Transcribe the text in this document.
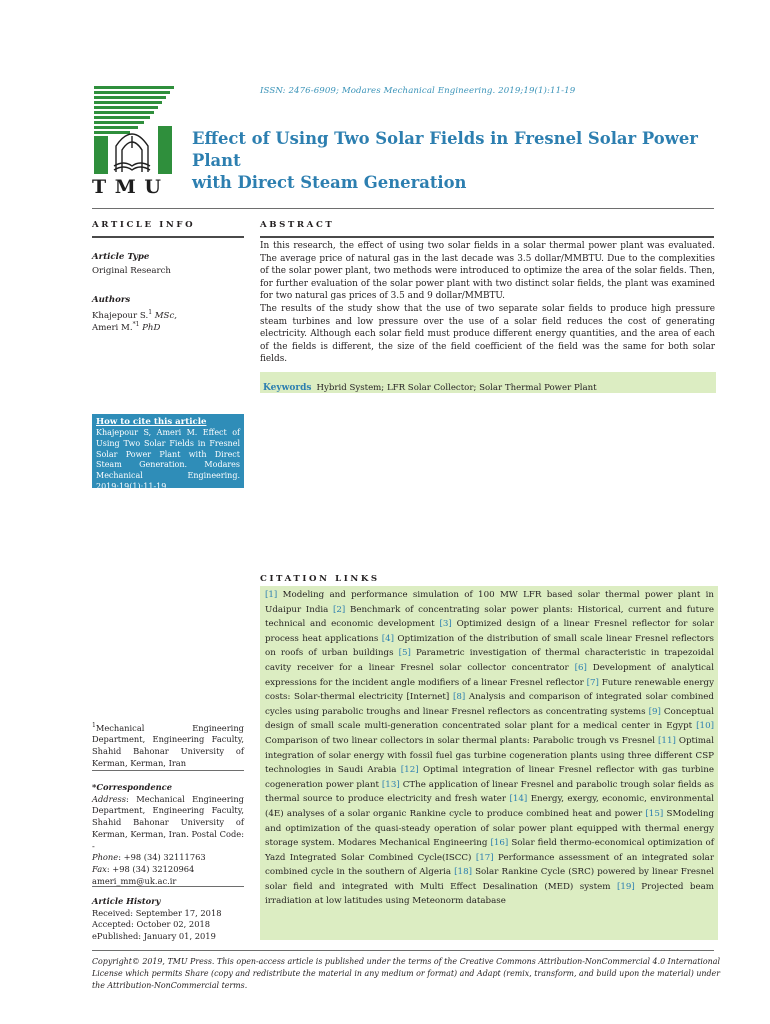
ISSN: 2476-6909; Modares Mechanical Engineering. 2019;19(1):11-19
T M U
Effect of Using Two Solar Fields in Fresnel Solar Power Plant
with Direct Steam Generation
ARTICLE INFO
Article Type
Original Research
Authors
Khajepour S.$^1$ MSc,
Ameri M.$^{*1}$ PhD
ABSTRACT

In this research, the effect of using two solar fields in a solar thermal power plant was evaluated. The average price of natural gas in the last decade was 3.5 dollar/MMBTU. Due to the complexities of the solar power plant, two methods were introduced to optimize the area of the solar fields. Then, for further evaluation of the solar power plant with two distinct solar fields, the plant was examined for two natural gas prices of 3.5 and 9 dollar/MMBTU.

The results of the study show that the use of two separate solar fields to produce high pressure steam turbines and low pressure over the use of a solar field reduces the cost of generating electricity. Although each solar field must produce different energy quantities, and the area of each of the fields is different, the size of the field coefficient of the field was the same for both solar fields.

Keywords Hybrid System; LFR Solar Collector; Solar Thermal Power Plant
How to cite this article
Khajepour S, Ameri M. Effect of Using Two Solar Fields in Fresnel Solar Power Plant with Direct Steam Generation. Modares Mechanical Engineering. 2019;19(1):11-19.
CITATION LINKS
[1] Modeling and performance simulation of 100 MW LFR based solar thermal power plant in Udaipur India [2] Benchmark of concentrating solar power plants: Historical, current and future technical and economic development [3] Optimized design of a linear Fresnel reflector for solar process heat applications [4] Optimization of the distribution of small scale linear Fresnel reflectors on roofs of urban buildings [5] Parametric investigation of thermal characteristic in trapezoidal cavity receiver for a linear Fresnel solar collector concentrator [6] Development of analytical expressions for the incident angle modifiers of a linear Fresnel reflector [7] Future renewable energy costs: Solar-thermal electricity [Internet] [8] Analysis and comparison of integrated solar combined cycles using parabolic troughs and linear Fresnel reflectors as concentrating systems [9] Conceptual design of small scale multi-generation concentrated solar plant for a medical center in Egypt [10] Comparison of two linear collectors in solar thermal plants: Parabolic trough vs Fresnel [11] Optimal integration of solar energy with fossil fuel gas turbine cogeneration plants using three different CSP technologies in Saudi Arabia [12] Optimal integration of linear Fresnel reflector with gas turbine cogeneration power plant [13] CThe application of linear Fresnel and parabolic trough solar fields as thermal source to produce electricity and fresh water [14] Energy, exergy, economic, environmental (4E) analyses of a solar organic Rankine cycle to produce combined heat and power [15] SModeling and optimization of the quasi-steady operation of solar power plant equipped with thermal energy storage system. Modares Mechanical Engineering [16] Solar field thermo-economical optimization of Yazd Integrated Solar Combined Cycle(ISCC) [17] Performance assessment of an integrated solar combined cycle in the southern of Algeria [18] Solar Rankine Cycle (SRC) powered by linear Fresnel solar field and integrated with Multi Effect Desalination (MED) system [19] Projected beam irradiation at low latitudes using Meteonorm database
$^1$Mechanical Engineering Department, Engineering Faculty, Shahid Bahonar University of Kerman, Kerman, Iran
*Correspondence
Address: Mechanical Engineering Department, Engineering Faculty, Shahid Bahonar University of Kerman, Kerman, Iran. Postal Code: -
Phone: +98 (34) 32111763
Fax: +98 (34) 32120964
ameri_mm@uk.ac.ir
Article History
Received: September 17, 2018
Accepted: October 02, 2018
ePublished: January 01, 2019
Copyright© 2019, TMU Press. This open-access article is published under the terms of the Creative Commons Attribution-NonCommercial 4.0 International License which permits Share (copy and redistribute the material in any medium or format) and Adapt (remix, transform, and build upon the material) under the Attribution-NonCommercial terms.
